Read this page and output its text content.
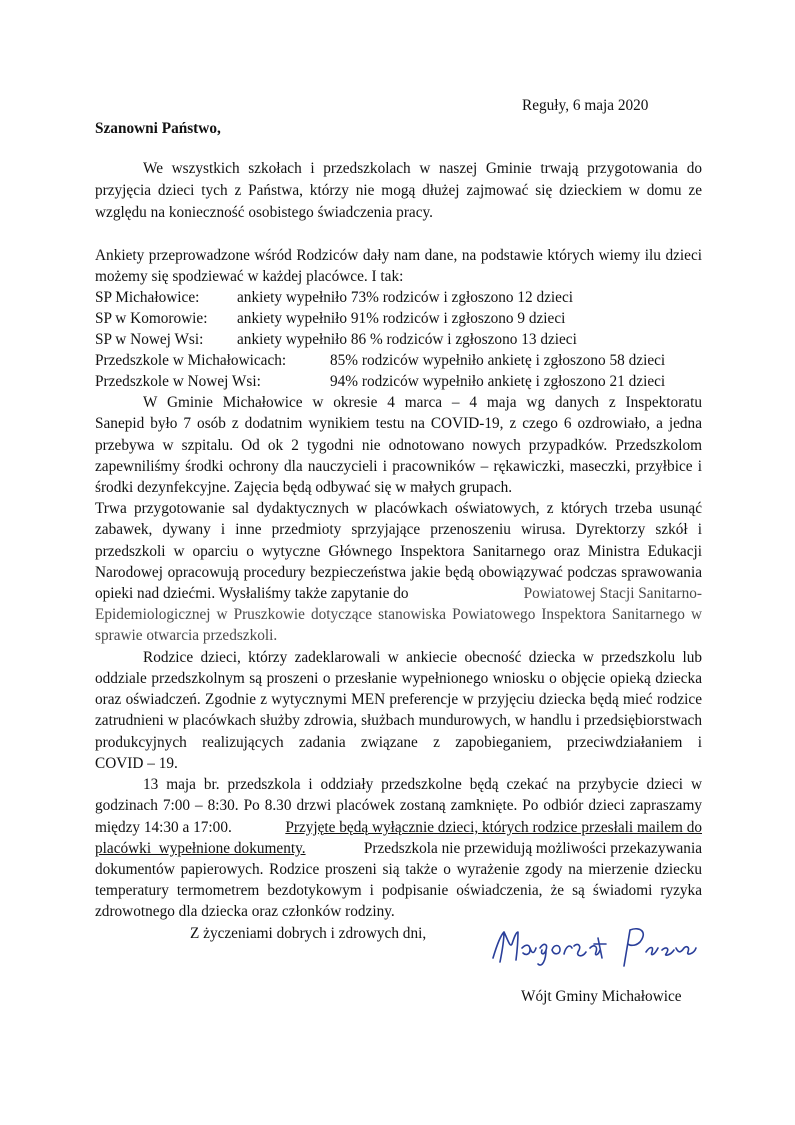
Reguły, 6 maja 2020
Szanowni Państwo,
We wszystkich szkołach i przedszkolach w naszej Gminie trwają przygotowania do
przyjęcia dzieci tych z Państwa, którzy nie mogą dłużej zajmować się dzieckiem w domu ze
względu na konieczność osobistego świadczenia pracy.
Ankiety przeprowadzone wśród Rodziców dały nam dane, na podstawie których wiemy ilu dzieci
możemy się spodziewać w każdej placówce. I tak:
SP Michałowice: ankiety wypełniło 73% rodziców i zgłoszono 12 dzieci
SP w Komorowie: ankiety wypełniło 91% rodziców i zgłoszono 9 dzieci
SP w Nowej Wsi: ankiety wypełniło 86 % rodziców i zgłoszono 13 dzieci
Przedszkole w Michałowicach:	85% rodziców wypełniło ankietę i zgłoszono 58 dzieci
Przedszkole w Nowej Wsi:	94% rodziców wypełniło ankietę i zgłoszono 21 dzieci
W Gminie Michałowice w okresie 4 marca – 4 maja wg danych z Inspektoratu
Sanepid było 7 osób z dodatnim wynikiem testu na COVID-19, z czego 6 ozdrowiało, a jedna
przebywa w szpitalu. Od ok 2 tygodni nie odnotowano nowych przypadków. Przedszkolom
zapewniliśmy środki ochrony dla nauczycieli i pracowników – rękawiczki, maseczki, przyłbice i
środki dezynfekcyjne. Zajęcia będą odbywać się w małych grupach.
Trwa przygotowanie sal dydaktycznych w placówkach oświatowych, z których trzeba usunąć
zabawek, dywany i inne przedmioty sprzyjające przenoszeniu wirusa. Dyrektorzy szkół i
przedszkoli w oparciu o wytyczne Głównego Inspektora Sanitarnego oraz Ministra Edukacji
Narodowej opracowują procedury bezpieczeństwa jakie będą obowiązywać podczas sprawowania
opieki nad dziećmi. Wysłaliśmy także zapytanie do	Powiatowej Stacji Sanitarno-
Epidemiologicznej w Pruszkowie dotyczące stanowiska Powiatowego Inspektora Sanitarnego w
sprawie otwarcia przedszkoli.
Rodzice dzieci, którzy zadeklarowali w ankiecie obecność dziecka w przedszkolu lub
oddziale przedszkolnym są proszeni o przesłanie wypełnionego wniosku o objęcie opieką dziecka
oraz oświadczeń. Zgodnie z wytycznymi MEN preferencje w przyjęciu dziecka będą mieć rodzice
zatrudnieni w placówkach służby zdrowia, służbach mundurowych, w handlu i przedsiębiorstwach
produkcyjnych realizujących zadania związane z zapobieganiem, przeciwdziałaniem i
COVID – 19.
13 maja br. przedszkola i oddziały przedszkolne będą czekać na przybycie dzieci w
godzinach 7:00 – 8:30. Po 8.30 drzwi placówek zostaną zamknięte. Po odbiór dzieci zapraszamy
między 14:30 a 17:00.	Przyjęte będą wyłącznie dzieci, których rodzice przesłali mailem do
placówki  wypełnione dokumenty.	Przedszkola nie przewidują możliwości przekazywania
dokumentów papierowych. Rodzice proszeni sią także o wyrażenie zgody na mierzenie dziecku
temperatury termometrem bezdotykowym i podpisanie oświadczenia, że są świadomi ryzyka
zdrowotnego dla dziecka oraz członków rodziny.
Z życzeniami dobrych i zdrowych dni,
Wójt Gminy Michałowice
